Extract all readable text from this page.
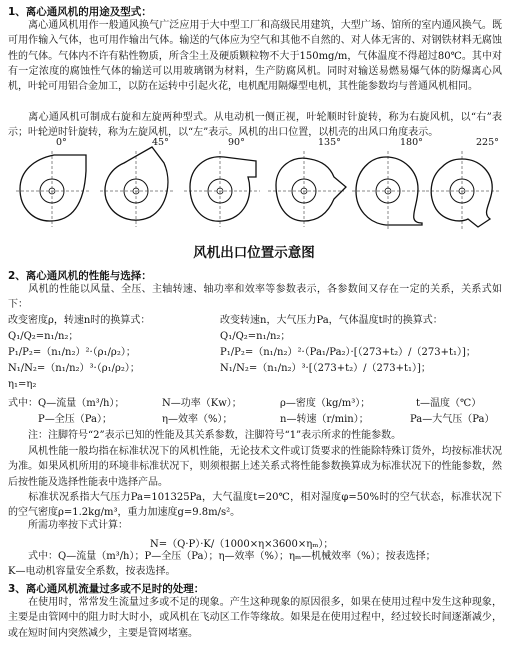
1、离心通风机的用途及型式：
离心通风机用作一般通风换气广泛应用于大中型工厂和高级民用建筑，大型广场、馆所的室内通风换气。既可用作输入气体，也可用作输出气体。输送的气体应为空气和其他不自然的、对人体无害的、对钢铁材料无腐蚀性的气体。气体内不许有粘性物质，所含尘土及硬质颗粒物不大于150mg/m，气体温度不得超过80℃。其中对有一定浓度的腐蚀性气体的输送可以用玻璃钢为材料，生产防腐风机。同时对输送易燃易爆气体的防爆离心风机，叶轮可用铝合金加工，以防在运转中引起火花，电机配用隔爆型电机，其性能参数均与普通风机相同。
离心通风机可制成右旋和左旋两种型式。从电动机一侧正视，叶轮顺时针旋转，称为右旋风机，以“右”表示；叶轮逆时针旋转，称为左旋风机，以“左”表示。风机的出口位置，以机壳的出风口角度表示。
0°	45°	90°	135°	180°	225°
风机出口位置示意图
2、离心通风机的性能与选择：
风机的性能以风量、全压、主轴转速、轴功率和效率等参数表示，各参数间又存在一定的关系，关系式如下：
改变密度ρ，转速n时的换算式：	改变转速n，大气压力Pa，气体温度t时的换算式：
Q₁/Q₂=n₁/n₂；	Q₁/Q₂=n₁/n₂；
P₁/P₂=（n₁/n₂）²·（ρ₁/ρ₂）；	P₁/P₂=（n₁/n₂）²·（Pa₁/Pa₂）·[（273+t₂）/（273+t₁）]；
N₁/N₂=（n₁/n₂）³·（ρ₁/ρ₂）；	N₁/N₂=（n₁/n₂）³·[（273+t₂）/（273+t₁）]；
η₁=η₂
式中：Q—流量（m³/h）；	N—功率（Kw）；	ρ—密度（kg/m³）；	t—温度（℃）
P—全压（Pa）；	η—效率（%）；	n—转速（r/min）；	Pa—大气压（Pa）
注：注脚符号“2”表示已知的性能及其关系参数，注脚符号“1”表示所求的性能参数。
风机性能一般均指在标准状况下的风机性能，无论技术文件或订货要求的性能除特殊订货外，均按标准状况为准。如果风机所用的环境非标准状况下，则须根据上述关系式将性能参数换算成为标准状况下的性能参数，然后按性能及选择性能表中选择产品。
标准状况系指大气压力Pa=101325Pa，大气温度t=20℃，相对湿度φ=50%时的空气状态，标准状况下的空气密度ρ=1.2kg/m³，重力加速度g=9.8m/s²。
所需功率按下式计算：
N=（Q·P）·K/（1000×η×3600×ηₘ）；
式中：Q—流量（m³/h）；P—全压（Pa）；η—效率（%）；ηₘ—机械效率（%）；按表选择；
K—电动机容量安全系数，按表选择。
3、离心通风机流量过多或不足时的处理：
在使用时，常常发生流量过多或不足的现象。产生这种现象的原因很多，如果在使用过程中发生这种现象，主要是由管网中的阻力时大时小，或风机在飞动区工作等缘故。如果是在使用过程中，经过较长时间逐渐减少，或在短时间内突然减少，主要是管网堵塞。
